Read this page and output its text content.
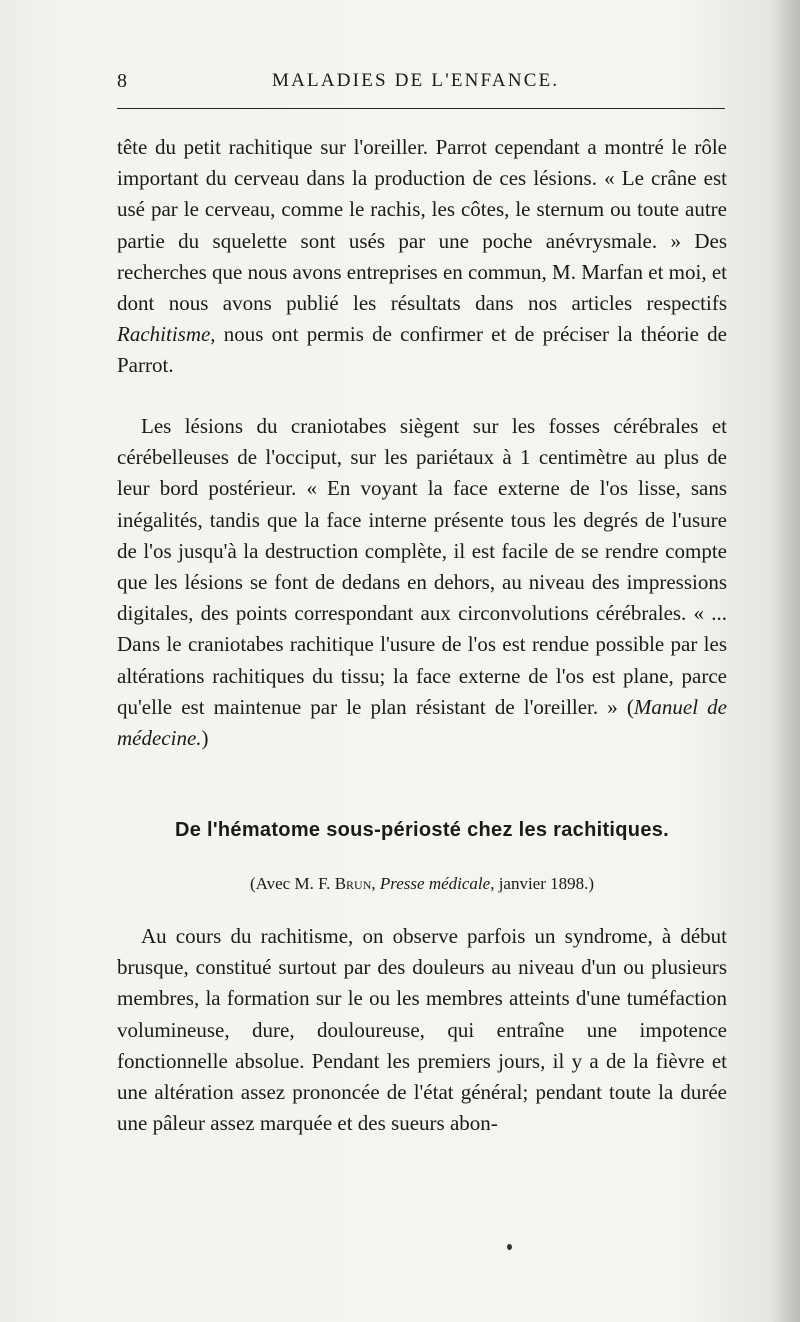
8	MALADIES DE L'ENFANCE.

tête du petit rachitique sur l'oreiller. Parrot cependant a montré le rôle important du cerveau dans la production de ces lésions. « Le crâne est usé par le cerveau, comme le rachis, les côtes, le sternum ou toute autre partie du squelette sont usés par une poche anévrysmale. » Des recherches que nous avons entreprises en commun, M. Marfan et moi, et dont nous avons publié les résultats dans nos articles respectifs Rachitisme, nous ont permis de confirmer et de préciser la théorie de Parrot.

Les lésions du craniotabes siègent sur les fosses cérébrales et cérébelleuses de l'occiput, sur les pariétaux à 1 centimètre au plus de leur bord postérieur. « En voyant la face externe de l'os lisse, sans inégalités, tandis que la face interne présente tous les degrés de l'usure de l'os jusqu'à la destruction complète, il est facile de se rendre compte que les lésions se font de dedans en dehors, au niveau des impressions digitales, des points correspondant aux circonvolutions cérébrales. « ... Dans le craniotabes rachitique l'usure de l'os est rendue possible par les altérations rachitiques du tissu; la face externe de l'os est plane, parce qu'elle est maintenue par le plan résistant de l'oreiller. » (Manuel de médecine.)

De l'hématome sous-périosté chez les rachitiques.
(Avec M. F. Brun, Presse médicale, janvier 1898.)

Au cours du rachitisme, on observe parfois un syndrome, à début brusque, constitué surtout par des douleurs au niveau d'un ou plusieurs membres, la formation sur le ou les membres atteints d'une tuméfaction volumineuse, dure, douloureuse, qui entraîne une impotence fonctionnelle absolue. Pendant les premiers jours, il y a de la fièvre et une altération assez prononcée de l'état général; pendant toute la durée une pâleur assez marquée et des sueurs abon-
